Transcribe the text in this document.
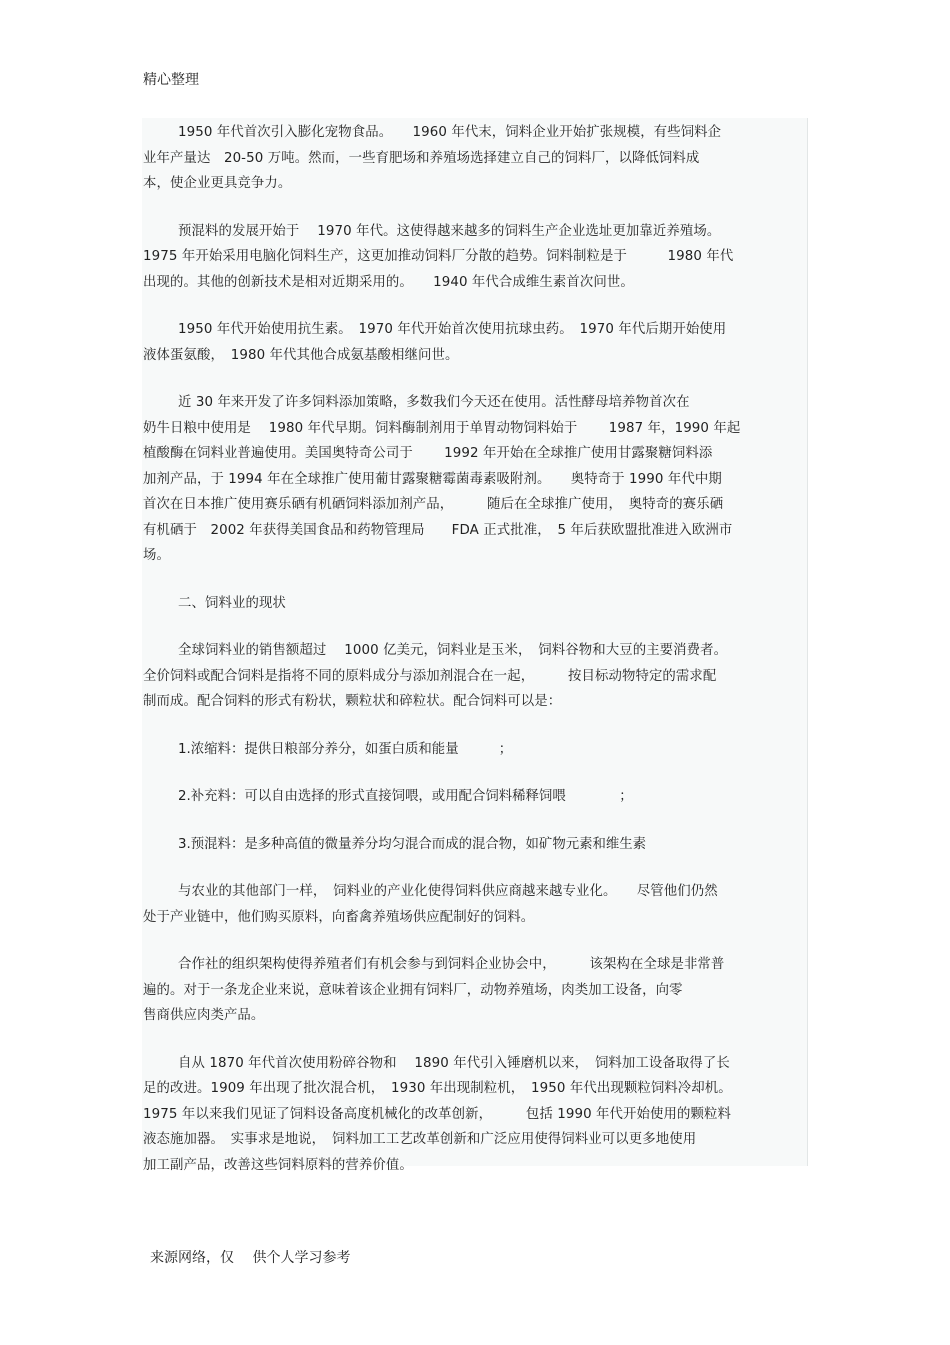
精心整理
1950 年代首次引入膨化宠物食品。　　1960 年代末，饲料企业开始扩张规模，有些饲料企
业年产量达　20-50 万吨。然而，一些育肥场和养殖场选择建立自己的饲料厂，以降低饲料成
本，使企业更具竞争力。
预混料的发展开始于　 1970 年代。这使得越来越多的饲料生产企业选址更加靠近养殖场。
1975 年开始采用电脑化饲料生产，这更加推动饲料厂分散的趋势。饲料制粒是于　　　1980 年代
出现的。其他的创新技术是相对近期采用的。　　1940 年代合成维生素首次问世。
1950 年代开始使用抗生素。　1970 年代开始首次使用抗球虫药。　1970 年代后期开始使用
液体蛋氨酸，　1980 年代其他合成氨基酸相继问世。
近 30 年来开发了许多饲料添加策略，多数我们今天还在使用。活性酵母培养物首次在
奶牛日粮中使用是　 1980 年代早期。饲料酶制剂用于单胃动物饲料始于　　 1987 年，1990 年起
植酸酶在饲料业普遍使用。美国奥特奇公司于　　 1992 年开始在全球推广使用甘露聚糖饲料添
加剂产品，于 1994 年在全球推广使用葡甘露聚糖霉菌毒素吸附剂。　　奥特奇于 1990 年代中期
首次在日本推广使用赛乐硒有机硒饲料添加剂产品，　　　随后在全球推广使用，　奥特奇的赛乐硒
有机硒于　2002 年获得美国食品和药物管理局　　FDA 正式批准，　5 年后获欧盟批准进入欧洲市
场。
二、饲料业的现状
全球饲料业的销售额超过　 1000 亿美元，饲料业是玉米，　饲料谷物和大豆的主要消费者。
全价饲料或配合饲料是指将不同的原料成分与添加剂混合在一起，　　　按目标动物特定的需求配
制而成。配合饲料的形式有粉状，颗粒状和碎粒状。配合饲料可以是：
1.浓缩料：提供日粮部分养分，如蛋白质和能量　　　；
2.补充料：可以自由选择的形式直接饲喂，或用配合饲料稀释饲喂　　　　；
3.预混料：是多种高值的微量养分均匀混合而成的混合物，如矿物元素和维生素
与农业的其他部门一样，　饲料业的产业化使得饲料供应商越来越专业化。　　尽管他们仍然
处于产业链中，他们购买原料，向畜禽养殖场供应配制好的饲料。
合作社的组织架构使得养殖者们有机会参与到饲料企业协会中，　　　该架构在全球是非常普
遍的。对于一条龙企业来说，意味着该企业拥有饲料厂，动物养殖场，肉类加工设备，向零
售商供应肉类产品。
自从 1870 年代首次使用粉碎谷物和　 1890 年代引入锤磨机以来，　饲料加工设备取得了长
足的改进。1909 年出现了批次混合机，　1930 年出现制粒机，　1950 年代出现颗粒饲料冷却机。
1975 年以来我们见证了饲料设备高度机械化的改革创新，　　　包括 1990 年代开始使用的颗粒料
液态施加器。　实事求是地说，　饲料加工工艺改革创新和广泛应用使得饲料业可以更多地使用
加工副产品，改善这些饲料原料的营养价值。
来源网络，仅　 供个人学习参考
